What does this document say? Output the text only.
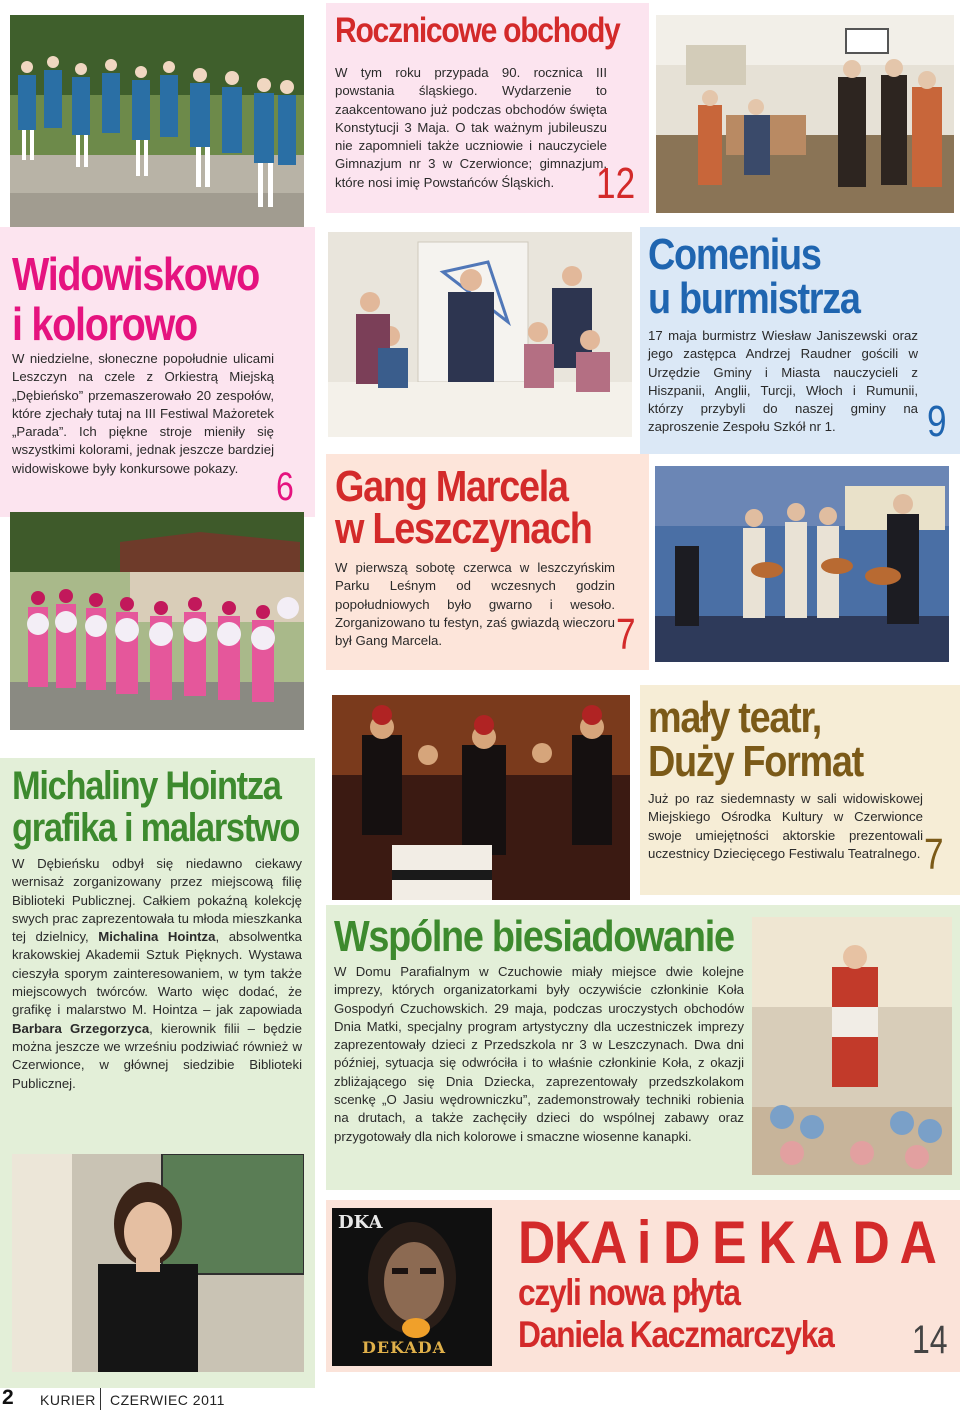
Rocznicowe obchody

W tym roku przypada 90. rocznica III powstania śląskiego. Wydarzenie to zaakcentowano już podczas obchodów święta Konstytucji 3 Maja. O tak ważnym jubileuszu nie zapomnieli także uczniowie i nauczyciele Gimnazjum nr 3 w Czerwionce; gimnazjum, które nosi imię Powstańców Śląskich. 12
Widowiskowo
i kolorowo

W niedzielne, słoneczne popołudnie ulicami Leszczyn na czele z Orkiestrą Miejską „Dębieńsko” przemaszerowało 20 zespołów, które zjechały tutaj na III Festiwal Mażoretek „Parada”. Ich piękne stroje mieniły się wszystkimi kolorami, jednak jeszcze bardziej widowiskowe były konkursowe pokazy. 6
Comenius
u burmistrza

17 maja burmistrz Wiesław Janiszewski oraz jego zastępca Andrzej Raudner gościli w Urzędzie Gminy i Miasta nauczycieli z Hiszpanii, Anglii, Turcji, Włoch i Rumunii, którzy przybyli do naszej gminy na zaproszenie Zespołu Szkół nr 1.	9
Gang Marcela
w Leszczynach

W pierwszą sobotę czerwca w leszczyńskim Parku Leśnym od wczesnych godzin popołudniowych było gwarno i wesoło. Zorganizowano tu festyn, zaś gwiazdą wieczoru był Gang Marcela.	7
mały teatr,
Duży Format

Już po raz siedemnasty w sali widowiskowej Miejskiego Ośrodka Kultury w Czerwionce swoje umiejętności aktorskie prezentowali uczestnicy Dziecięcego Festiwalu Teatralnego. 7
Michaliny Hointza
grafika i malarstwo

W Dębieńsku odbył się niedawno ciekawy wernisaż zorganizowany przez miejscową filię Biblioteki Publicznej. Całkiem pokaźną kolekcję swych prac zaprezentowała tu młoda mieszkanka tej dzielnicy, Michalina Hointza, absolwentka krakowskiej Akademii Sztuk Pięknych. Wystawa cieszyła sporym zainteresowaniem, w tym także miejscowych twórców. Warto więc dodać, że grafikę i malarstwo M. Hointza – jak zapowiada Barbara Grzegorzyca, kierownik filii – będzie można jeszcze we wrześniu podziwiać również w Czerwionce, w głównej siedzibie Biblioteki Publicznej.

Wspólne biesiadowanie

W Domu Parafialnym w Czuchowie miały miejsce dwie kolejne imprezy, których organizatorkami były oczywiście członkinie Koła Gospodyń Czuchowskich. 29 maja, podczas uroczystych obchodów Dnia Matki, specjalny program artystyczny dla uczestniczek imprezy zaprezentowały dzieci z Przedszkola nr 3 w Leszczynach. Dwa dni później, sytuacja się odwróciła i to właśnie członkinie Koła, z okazji zbliżającego się Dnia Dziecka, zaprezentowały przedszkolakom scenkę „O Jasiu wędrowniczku”, zademonstrowały techniki robienia na drutach, a także zachęciły dzieci do wspólnej zabawy oraz przygotowały dla nich kolorowe i smaczne wiosenne kanapki.

DKA
DEKADA
DKA i D E K A D A
czyli nowa płyta
Daniela Kaczmarczyka 14
2 KURIER CZERWIEC 2011
